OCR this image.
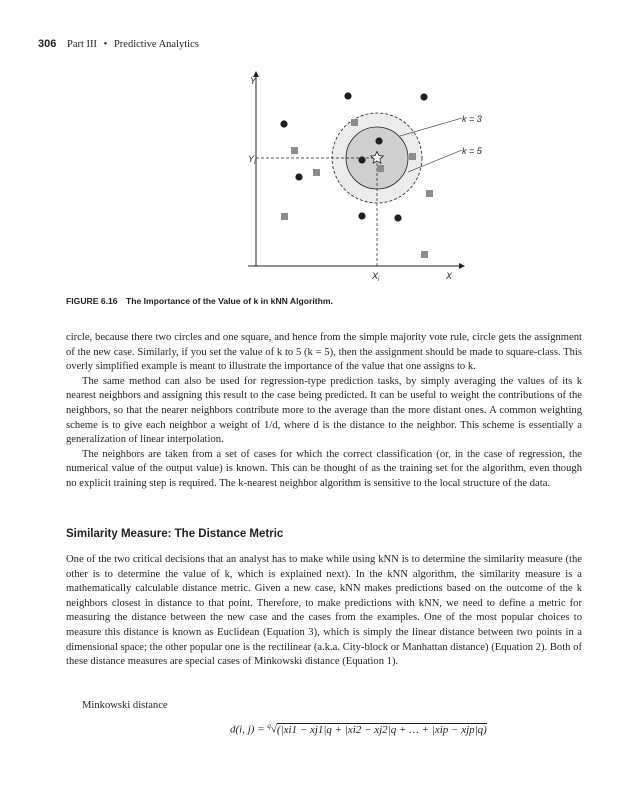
306 Part III • Predictive Analytics
Y
$Y_i$
$X_i$	X
k = 3
k = 5
FIGURE 6.16 The Importance of the Value of k in kNN Algorithm.

circle, because there two circles and one square, and hence from the simple majority vote rule, circle gets the assignment of the new case. Similarly, if you set the value of k to 5 (k = 5), then the assignment should be made to square-class. This overly simplified example is meant to illustrate the importance of the value that one assigns to k.

The same method can also be used for regression-type prediction tasks, by simply averaging the values of its k nearest neighbors and assigning this result to the case being predicted. It can be useful to weight the contributions of the neighbors, so that the nearer neighbors contribute more to the average than the more distant ones. A common weighting scheme is to give each neighbor a weight of 1/d, where d is the distance to the neighbor. This scheme is essentially a generalization of linear interpolation.

The neighbors are taken from a set of cases for which the correct classification (or, in the case of regression, the numerical value of the output value) is known. This can be thought of as the training set for the algorithm, even though no explicit training step is required. The k-nearest neighbor algorithm is sensitive to the local structure of the data.

Similarity Measure: The Distance Metric

One of the two critical decisions that an analyst has to make while using kNN is to determine the similarity measure (the other is to determine the value of k, which is explained next). In the kNN algorithm, the similarity measure is a mathematically calculable distance metric. Given a new case, kNN makes predictions based on the outcome of the k neighbors closest in distance to that point. Therefore, to make predictions with kNN, we need to define a metric for measuring the distance between the new case and the cases from the examples. One of the most popular choices to measure this distance is known as Euclidean (Equation 3), which is simply the linear distance between two points in a dimensional space; the other popular one is the rectilinear (a.k.a. City-block or Manhattan distance) (Equation 2). Both of these distance measures are special cases of Minkowski distance (Equation 1).

Minkowski distance
d(i, j) = $^q$√(|xi1 − xj1|q + |xi2 − xj2|q + … + |xip − xjp|q)
